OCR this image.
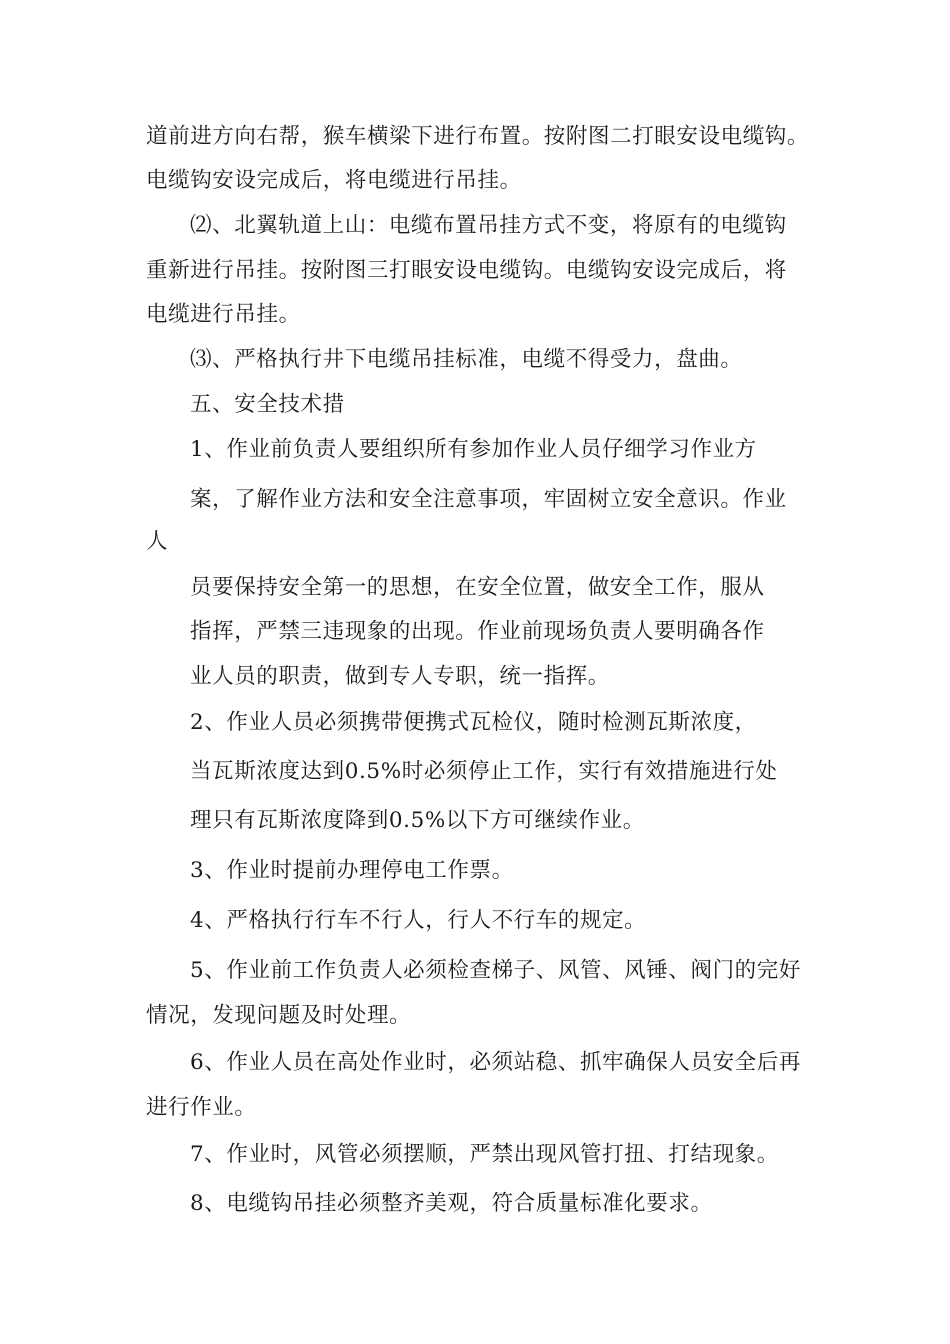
道前进方向右帮，猴车横梁下进行布置。按附图二打眼安设电缆钩。
电缆钩安设完成后，将电缆进行吊挂。
⑵、北翼轨道上山：电缆布置吊挂方式不变，将原有的电缆钩
重新进行吊挂。按附图三打眼安设电缆钩。电缆钩安设完成后，将
电缆进行吊挂。
⑶、严格执行井下电缆吊挂标准，电缆不得受力，盘曲。
五、安全技术措
1、作业前负责人要组织所有参加作业人员仔细学习作业方
案，了解作业方法和安全注意事项，牢固树立安全意识。作业
人
员要保持安全第一的思想，在安全位置，做安全工作，服从
指挥，严禁三违现象的出现。作业前现场负责人要明确各作
业人员的职责，做到专人专职，统一指挥。
2、作业人员必须携带便携式瓦检仪，随时检测瓦斯浓度，
当瓦斯浓度达到0.5%时必须停止工作，实行有效措施进行处
理只有瓦斯浓度降到0.5%以下方可继续作业。
3、作业时提前办理停电工作票。
4、严格执行行车不行人，行人不行车的规定。
5、作业前工作负责人必须检查梯子、风管、风锤、阀门的完好
情况，发现问题及时处理。
6、作业人员在高处作业时，必须站稳、抓牢确保人员安全后再
进行作业。
7、作业时，风管必须摆顺，严禁出现风管打扭、打结现象。
8、电缆钩吊挂必须整齐美观，符合质量标准化要求。
